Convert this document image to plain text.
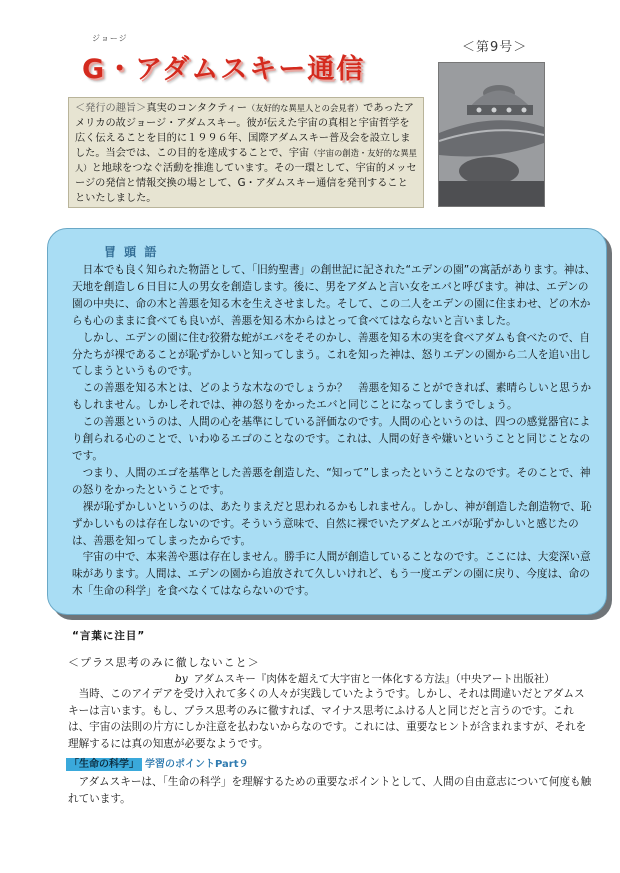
ジョージ
G・アダムスキー通信
＜第9号＞
＜発行の趣旨＞真実のコンタクティー（友好的な異星人との会見者）であったアメリカの故ジョージ・アダムスキー。彼が伝えた宇宙の真相と宇宙哲学を広く伝えることを目的に１９９６年、国際アダムスキー普及会を設立しました。当会では、この目的を達成することで、宇宙（宇宙の創造・友好的な異星人）と地球をつなぐ活動を推進しています。その一環として、宇宙的メッセージの発信と情報交換の場として、G・アダムスキー通信を発刊することといたしました。
冒 頭 語

日本でも良く知られた物語として、「旧約聖書」の創世記に記された“エデンの園”の寓話があります。神は、天地を創造し６日目に人の男女を創造します。後に、男をアダムと言い女をエバと呼びます。神は、エデンの園の中央に、命の木と善悪を知る木を生えさせました。そして、この二人をエデンの園に住まわせ、どの木からも心のままに食べても良いが、善悪を知る木からはとって食べてはならないと言いました。

しかし、エデンの園に住む狡猾な蛇がエバをそそのかし、善悪を知る木の実を食べアダムも食べたので、自分たちが裸であることが恥ずかしいと知ってしまう。これを知った神は、怒りエデンの園から二人を追い出してしまうというものです。

この善悪を知る木とは、どのような木なのでしょうか？　善悪を知ることができれば、素晴らしいと思うかもしれません。しかしそれでは、神の怒りをかったエバと同じことになってしまうでしょう。

この善悪というのは、人間の心を基準にしている評価なのです。人間の心というのは、四つの感覚器官により創られる心のことで、いわゆるエゴのことなのです。これは、人間の好きや嫌いということと同じことなのです。

つまり、人間のエゴを基準とした善悪を創造した、“知って”しまったということなのです。そのことで、神の怒りをかったということです。

裸が恥ずかしいというのは、あたりまえだと思われるかもしれません。しかし、神が創造した創造物で、恥ずかしいものは存在しないのです。そういう意味で、自然に裸でいたアダムとエバが恥ずかしいと感じたのは、善悪を知ってしまったからです。

宇宙の中で、本来善や悪は存在しません。勝手に人間が創造していることなのです。ここには、大変深い意味があります。人間は、エデンの園から追放されて久しいけれど、もう一度エデンの園に戻り、今度は、命の木「生命の科学」を食べなくてはならないのです。

“言葉に注目”
＜プラス思考のみに徹しないこと＞
by アダムスキー『肉体を超えて大宇宙と一体化する方法』（中央アート出版社）

当時、このアイデアを受け入れて多くの人々が実践していたようです。しかし、それは間違いだとアダムスキーは言います。もし、プラス思考のみに徹すれば、マイナス思考にふける人と同じだと言うのです。これは、宇宙の法則の片方にしか注意を払わないからなのです。これには、重要なヒントが含まれますが、それを理解するには真の知恵が必要なようです。

「生命の科学」 学習のポイントPart９

アダムスキーは、「生命の科学」を理解するための重要なポイントとして、人間の自由意志について何度も触れています。
